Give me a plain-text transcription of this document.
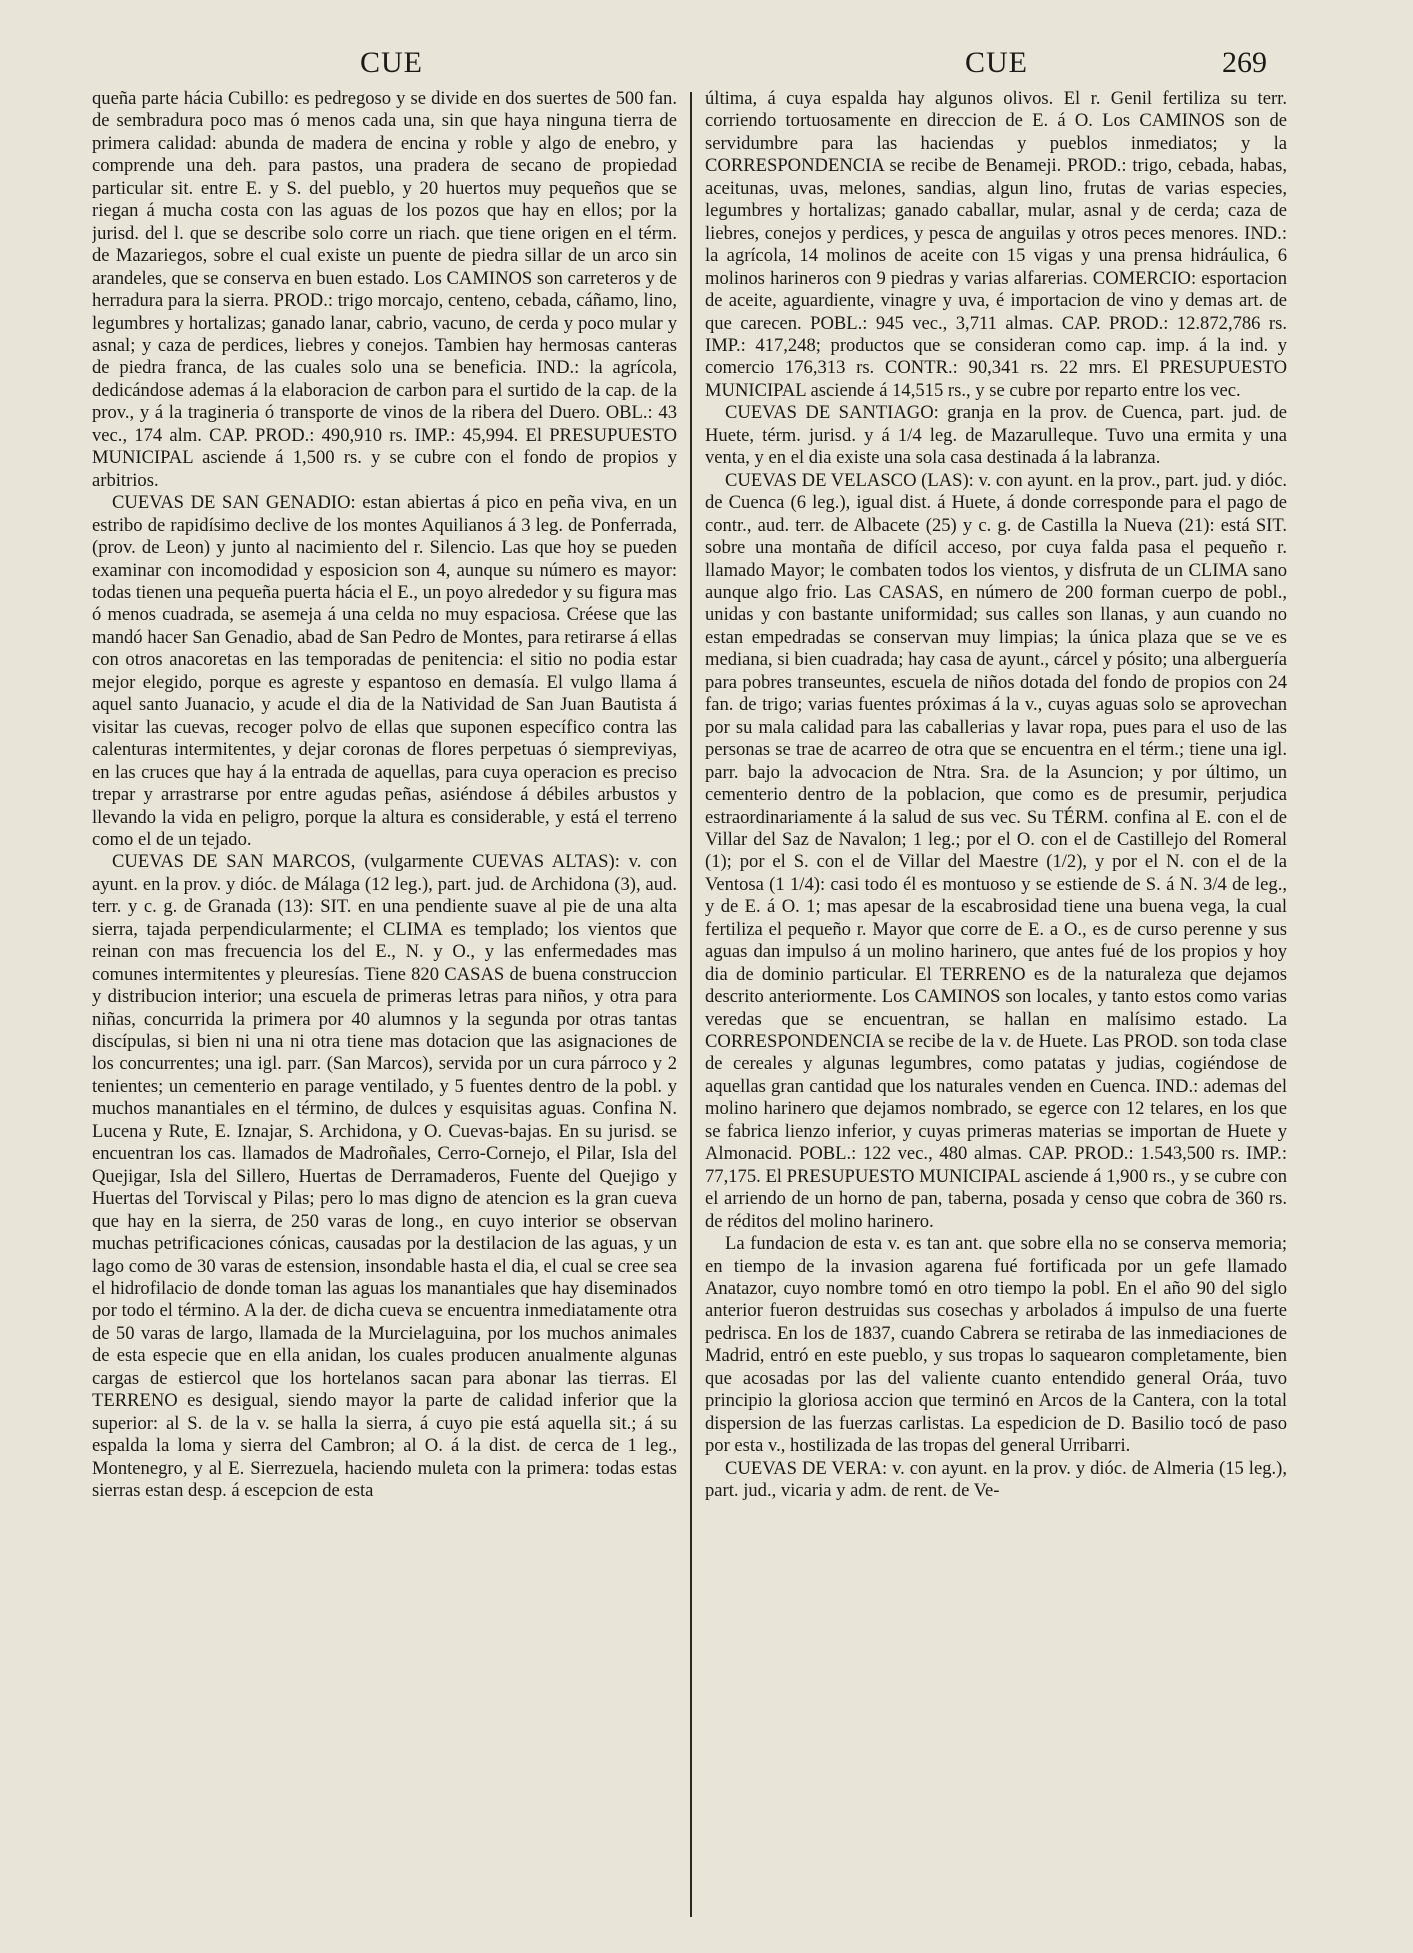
CUE	CUE	269

queña parte hácia Cubillo: es pedregoso y se divide en dos suertes de 500 fan. de sembradura poco mas ó menos cada una, sin que haya ninguna tierra de primera calidad: abunda de madera de encina y roble y algo de enebro, y comprende una deh. para pastos, una pradera de secano de propiedad particular sit. entre E. y S. del pueblo, y 20 huertos muy pequeños que se riegan á mucha costa con las aguas de los pozos que hay en ellos; por la jurisd. del l. que se describe solo corre un riach. que tiene origen en el térm. de Mazariegos, sobre el cual existe un puente de piedra sillar de un arco sin arandeles, que se conserva en buen estado. Los CAMINOS son carreteros y de herradura para la sierra. PROD.: trigo morcajo, centeno, cebada, cáñamo, lino, legumbres y hortalizas; ganado lanar, cabrio, vacuno, de cerda y poco mular y asnal; y caza de perdices, liebres y conejos. Tambien hay hermosas canteras de piedra franca, de las cuales solo una se beneficia. IND.: la agrícola, dedicándose ademas á la elaboracion de carbon para el surtido de la cap. de la prov., y á la tragineria ó transporte de vinos de la ribera del Duero. OBL.: 43 vec., 174 alm. CAP. PROD.: 490,910 rs. IMP.: 45,994. El PRESUPUESTO MUNICIPAL asciende á 1,500 rs. y se cubre con el fondo de propios y arbitrios.

CUEVAS DE SAN GENADIO: estan abiertas á pico en peña viva, en un estribo de rapidísimo declive de los montes Aquilianos á 3 leg. de Ponferrada, (prov. de Leon) y junto al nacimiento del r. Silencio. Las que hoy se pueden examinar con incomodidad y esposicion son 4, aunque su número es mayor: todas tienen una pequeña puerta hácia el E., un poyo alrededor y su figura mas ó menos cuadrada, se asemeja á una celda no muy espaciosa. Créese que las mandó hacer San Genadio, abad de San Pedro de Montes, para retirarse á ellas con otros anacoretas en las temporadas de penitencia: el sitio no podia estar mejor elegido, porque es agreste y espantoso en demasía. El vulgo llama á aquel santo Juanacio, y acude el dia de la Natividad de San Juan Bautista á visitar las cuevas, recoger polvo de ellas que suponen específico contra las calenturas intermitentes, y dejar coronas de flores perpetuas ó siempreviyas, en las cruces que hay á la entrada de aquellas, para cuya operacion es preciso trepar y arrastrarse por entre agudas peñas, asiéndose á débiles arbustos y llevando la vida en peligro, porque la altura es considerable, y está el terreno como el de un tejado.

CUEVAS DE SAN MARCOS, (vulgarmente CUEVAS ALTAS): v. con ayunt. en la prov. y dióc. de Málaga (12 leg.), part. jud. de Archidona (3), aud. terr. y c. g. de Granada (13): SIT. en una pendiente suave al pie de una alta sierra, tajada perpendicularmente; el CLIMA es templado; los vientos que reinan con mas frecuencia los del E., N. y O., y las enfermedades mas comunes intermitentes y pleuresías. Tiene 820 CASAS de buena construccion y distribucion interior; una escuela de primeras letras para niños, y otra para niñas, concurrida la primera por 40 alumnos y la segunda por otras tantas discípulas, si bien ni una ni otra tiene mas dotacion que las asignaciones de los concurrentes; una igl. parr. (San Marcos), servida por un cura párroco y 2 tenientes; un cementerio en parage ventilado, y 5 fuentes dentro de la pobl. y muchos manantiales en el término, de dulces y esquisitas aguas. Confina N. Lucena y Rute, E. Iznajar, S. Archidona, y O. Cuevas-bajas. En su jurisd. se encuentran los cas. llamados de Madroñales, Cerro-Cornejo, el Pilar, Isla del Quejigar, Isla del Sillero, Huertas de Derramaderos, Fuente del Quejigo y Huertas del Torviscal y Pilas; pero lo mas digno de atencion es la gran cueva que hay en la sierra, de 250 varas de long., en cuyo interior se observan muchas petrificaciones cónicas, causadas por la destilacion de las aguas, y un lago como de 30 varas de estension, insondable hasta el dia, el cual se cree sea el hidrofilacio de donde toman las aguas los manantiales que hay diseminados por todo el término. A la der. de dicha cueva se encuentra inmediatamente otra de 50 varas de largo, llamada de la Murcielaguina, por los muchos animales de esta especie que en ella anidan, los cuales producen anualmente algunas cargas de estiercol que los hortelanos sacan para abonar las tierras. El TERRENO es desigual, siendo mayor la parte de calidad inferior que la superior: al S. de la v. se halla la sierra, á cuyo pie está aquella sit.; á su espalda la loma y sierra del Cambron; al O. á la dist. de cerca de 1 leg., Montenegro, y al E. Sierrezuela, haciendo muleta con la primera: todas estas sierras estan desp. á escepcion de esta

última, á cuya espalda hay algunos olivos. El r. Genil fertiliza su terr. corriendo tortuosamente en direccion de E. á O. Los CAMINOS son de servidumbre para las haciendas y pueblos inmediatos; y la CORRESPONDENCIA se recibe de Benameji. PROD.: trigo, cebada, habas, aceitunas, uvas, melones, sandias, algun lino, frutas de varias especies, legumbres y hortalizas; ganado caballar, mular, asnal y de cerda; caza de liebres, conejos y perdices, y pesca de anguilas y otros peces menores. IND.: la agrícola, 14 molinos de aceite con 15 vigas y una prensa hidráulica, 6 molinos harineros con 9 piedras y varias alfarerias. COMERCIO: esportacion de aceite, aguardiente, vinagre y uva, é importacion de vino y demas art. de que carecen. POBL.: 945 vec., 3,711 almas. CAP. PROD.: 12.872,786 rs. IMP.: 417,248; productos que se consideran como cap. imp. á la ind. y comercio 176,313 rs. CONTR.: 90,341 rs. 22 mrs. El PRESUPUESTO MUNICIPAL asciende á 14,515 rs., y se cubre por reparto entre los vec.

CUEVAS DE SANTIAGO: granja en la prov. de Cuenca, part. jud. de Huete, térm. jurisd. y á 1/4 leg. de Mazarulleque. Tuvo una ermita y una venta, y en el dia existe una sola casa destinada á la labranza.

CUEVAS DE VELASCO (LAS): v. con ayunt. en la prov., part. jud. y dióc. de Cuenca (6 leg.), igual dist. á Huete, á donde corresponde para el pago de contr., aud. terr. de Albacete (25) y c. g. de Castilla la Nueva (21): está SIT. sobre una montaña de difícil acceso, por cuya falda pasa el pequeño r. llamado Mayor; le combaten todos los vientos, y disfruta de un CLIMA sano aunque algo frio. Las CASAS, en número de 200 forman cuerpo de pobl., unidas y con bastante uniformidad; sus calles son llanas, y aun cuando no estan empedradas se conservan muy limpias; la única plaza que se ve es mediana, si bien cuadrada; hay casa de ayunt., cárcel y pósito; una alberguería para pobres transeuntes, escuela de niños dotada del fondo de propios con 24 fan. de trigo; varias fuentes próximas á la v., cuyas aguas solo se aprovechan por su mala calidad para las caballerias y lavar ropa, pues para el uso de las personas se trae de acarreo de otra que se encuentra en el térm.; tiene una igl. parr. bajo la advocacion de Ntra. Sra. de la Asuncion; y por último, un cementerio dentro de la poblacion, que como es de presumir, perjudica estraordinariamente á la salud de sus vec. Su TÉRM. confina al E. con el de Villar del Saz de Navalon; 1 leg.; por el O. con el de Castillejo del Romeral (1); por el S. con el de Villar del Maestre (1/2), y por el N. con el de la Ventosa (1 1/4): casi todo él es montuoso y se estiende de S. á N. 3/4 de leg., y de E. á O. 1; mas apesar de la escabrosidad tiene una buena vega, la cual fertiliza el pequeño r. Mayor que corre de E. a O., es de curso perenne y sus aguas dan impulso á un molino harinero, que antes fué de los propios y hoy dia de dominio particular. El TERRENO es de la naturaleza que dejamos descrito anteriormente. Los CAMINOS son locales, y tanto estos como varias veredas que se encuentran, se hallan en malísimo estado. La CORRESPONDENCIA se recibe de la v. de Huete. Las PROD. son toda clase de cereales y algunas legumbres, como patatas y judias, cogiéndose de aquellas gran cantidad que los naturales venden en Cuenca. IND.: ademas del molino harinero que dejamos nombrado, se egerce con 12 telares, en los que se fabrica lienzo inferior, y cuyas primeras materias se importan de Huete y Almonacid. POBL.: 122 vec., 480 almas. CAP. PROD.: 1.543,500 rs. IMP.: 77,175. El PRESUPUESTO MUNICIPAL asciende á 1,900 rs., y se cubre con el arriendo de un horno de pan, taberna, posada y censo que cobra de 360 rs. de réditos del molino harinero.

La fundacion de esta v. es tan ant. que sobre ella no se conserva memoria; en tiempo de la invasion agarena fué fortificada por un gefe llamado Anatazor, cuyo nombre tomó en otro tiempo la pobl. En el año 90 del siglo anterior fueron destruidas sus cosechas y arbolados á impulso de una fuerte pedrisca. En los de 1837, cuando Cabrera se retiraba de las inmediaciones de Madrid, entró en este pueblo, y sus tropas lo saquearon completamente, bien que acosadas por las del valiente cuanto entendido general Oráa, tuvo principio la gloriosa accion que terminó en Arcos de la Cantera, con la total dispersion de las fuerzas carlistas. La espedicion de D. Basilio tocó de paso por esta v., hostilizada de las tropas del general Urribarri.

CUEVAS DE VERA: v. con ayunt. en la prov. y dióc. de Almeria (15 leg.), part. jud., vicaria y adm. de rent. de Ve-
